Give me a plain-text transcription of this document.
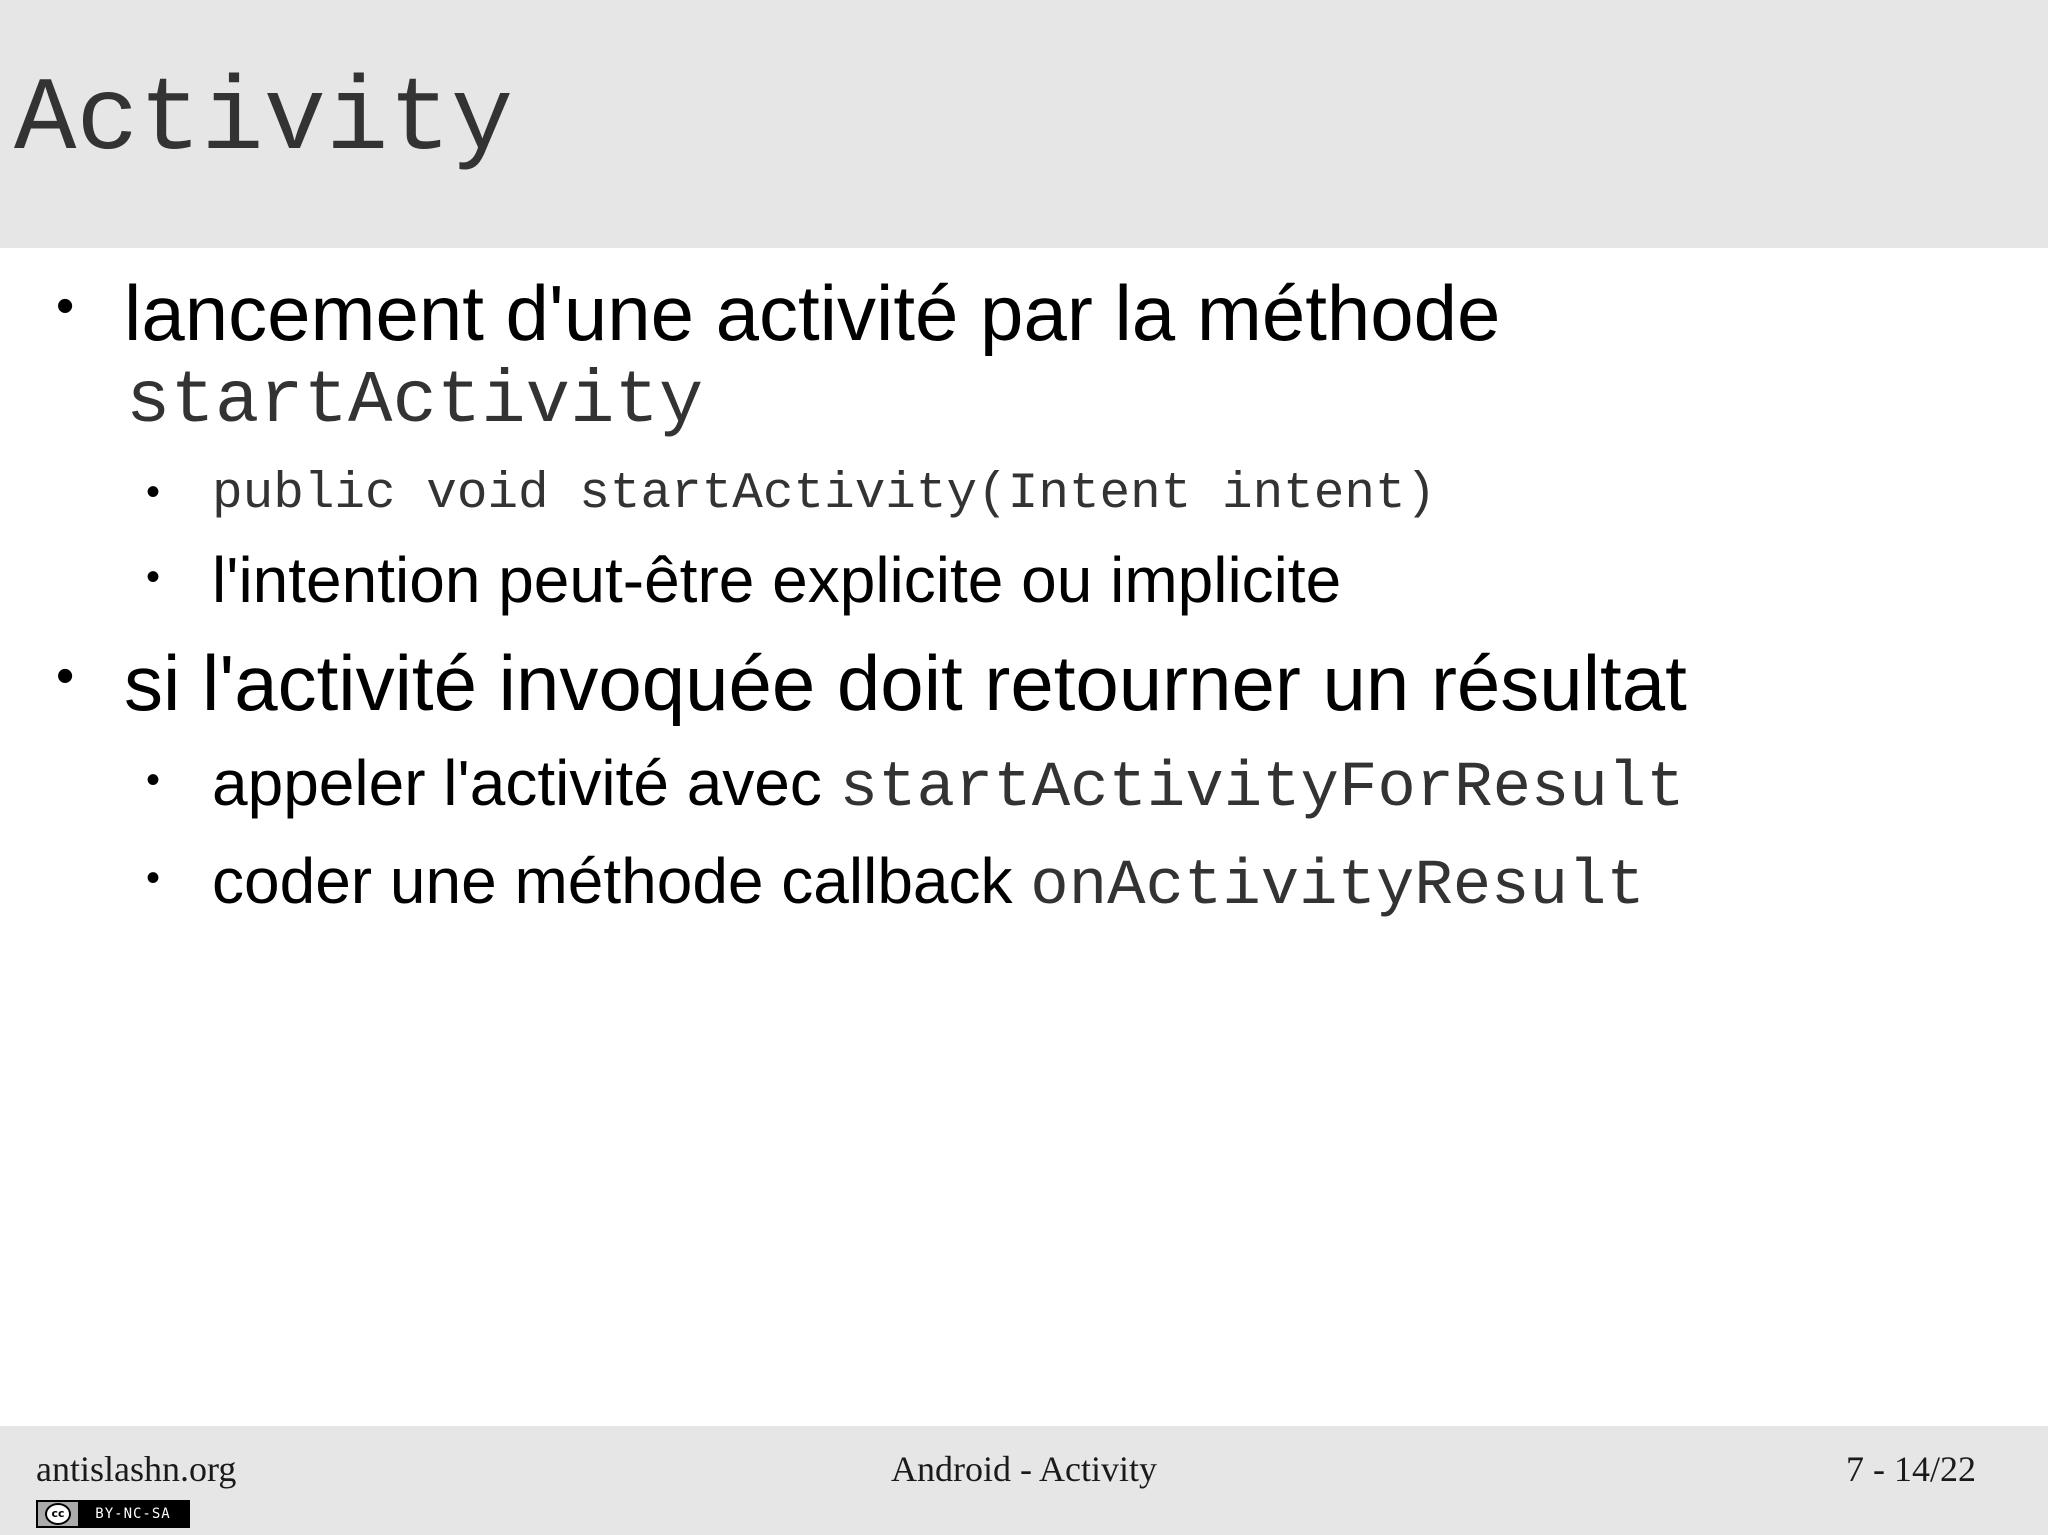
Activity
• lancement d'une activité par la méthode
startActivity
• public void startActivity(Intent intent)
• l'intention peut-être explicite ou implicite
• si l'activité invoquée doit retourner un résultat
• appeler l'activité avec startActivityForResult
• coder une méthode callback onActivityResult
antislashn.org	Android - Activity	7 - 14/22
cc	BY-NC-SA
